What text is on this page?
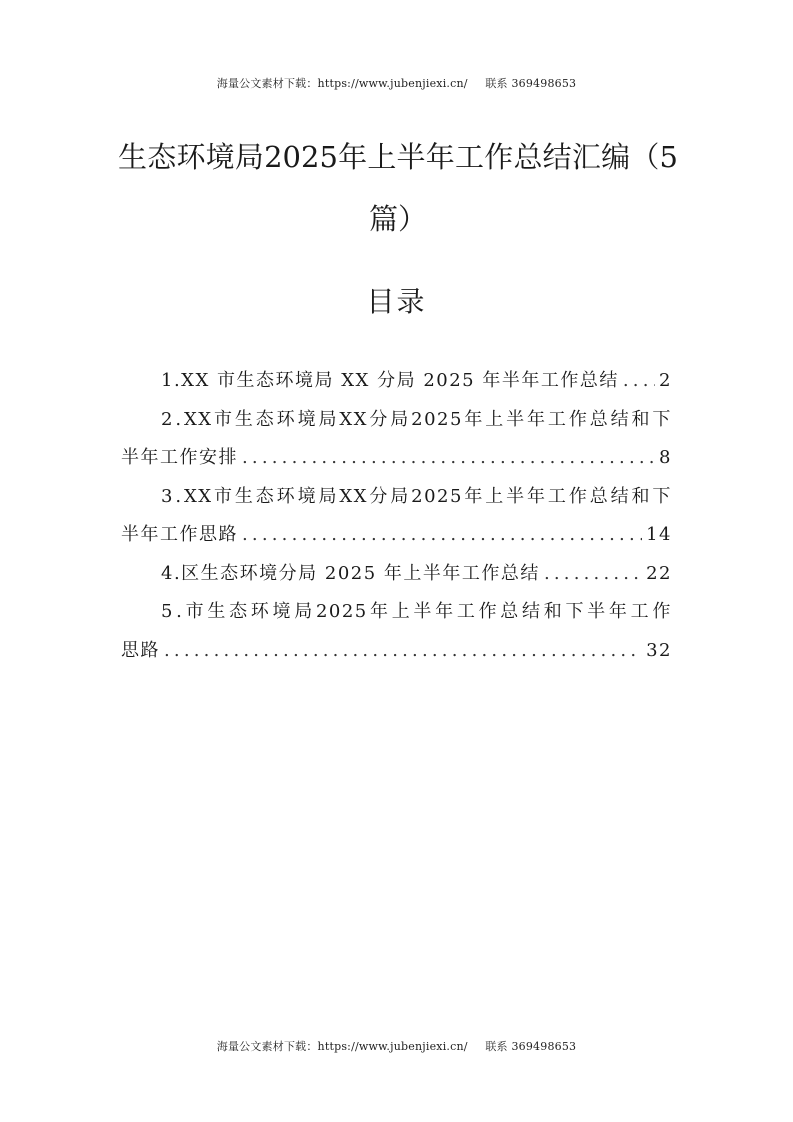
海量公文素材下载：https://www.jubenjiexi.cn/ 联系 369498653
生态环境局2025年上半年工作总结汇编（5
篇）
目录
1.XX 市生态环境局 XX 分局 2025 年半年工作总结 ..... 2
2 . XX 市 生 态 环 境 局 XX 分 局 2025 年 上 半 年 工 作 总 结 和 下
半年工作安排 .....	8
3 . XX 市 生 态 环 境 局 XX 分 局 2025 年 上 半 年 工 作 总 结 和 下
半年工作思路 .....	14
4.区生态环境分局 2025 年上半年工作总结 .....	22
5 . 市 生 态 环 境 局 2025 年 上 半 年 工 作 总 结 和 下 半 年 工 作
思路 .....	32
海量公文素材下载：https://www.jubenjiexi.cn/ 联系 369498653
